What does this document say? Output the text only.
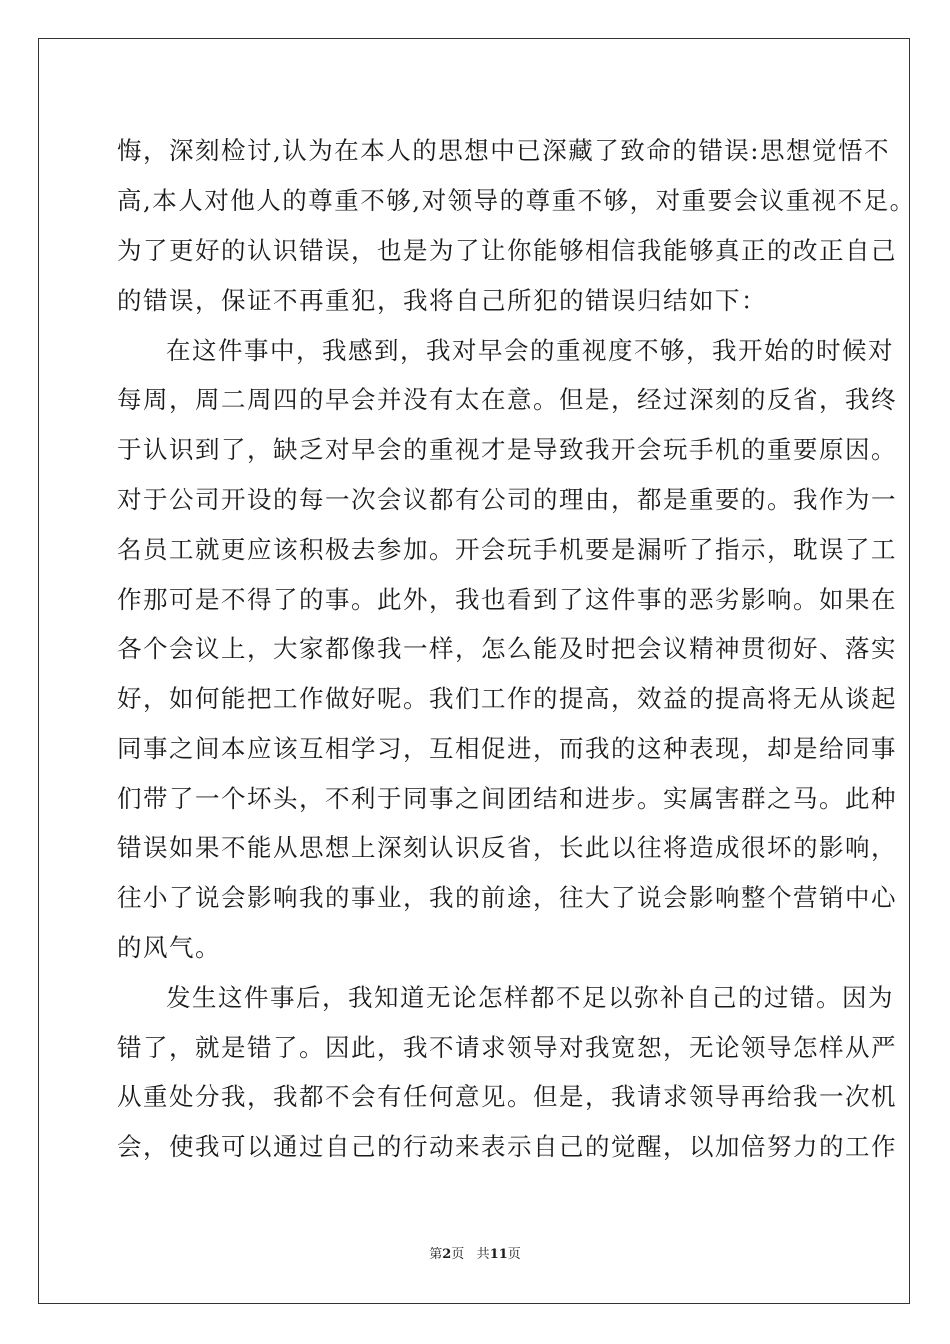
悔，深刻检讨,认为在本人的思想中已深藏了致命的错误:思想觉悟不
高,本人对他人的尊重不够,对领导的尊重不够，对重要会议重视不足。
为了更好的认识错误，也是为了让你能够相信我能够真正的改正自己
的错误，保证不再重犯，我将自己所犯的错误归结如下：
在这件事中，我感到，我对早会的重视度不够，我开始的时候对
每周，周二周四的早会并没有太在意。但是，经过深刻的反省，我终
于认识到了，缺乏对早会的重视才是导致我开会玩手机的重要原因。
对于公司开设的每一次会议都有公司的理由，都是重要的。我作为一
名员工就更应该积极去参加。开会玩手机要是漏听了指示，耽误了工
作那可是不得了的事。此外，我也看到了这件事的恶劣影响。如果在
各个会议上，大家都像我一样，怎么能及时把会议精神贯彻好、落实
好，如何能把工作做好呢。我们工作的提高，效益的提高将无从谈起
同事之间本应该互相学习，互相促进，而我的这种表现，却是给同事
们带了一个坏头，不利于同事之间团结和进步。实属害群之马。此种
错误如果不能从思想上深刻认识反省，长此以往将造成很坏的影响，
往小了说会影响我的事业，我的前途，往大了说会影响整个营销中心
的风气。
发生这件事后，我知道无论怎样都不足以弥补自己的过错。因为
错了，就是错了。因此，我不请求领导对我宽恕，无论领导怎样从严
从重处分我，我都不会有任何意见。但是，我请求领导再给我一次机
会，使我可以通过自己的行动来表示自己的觉醒，以加倍努力的工作
第2页 共11页
